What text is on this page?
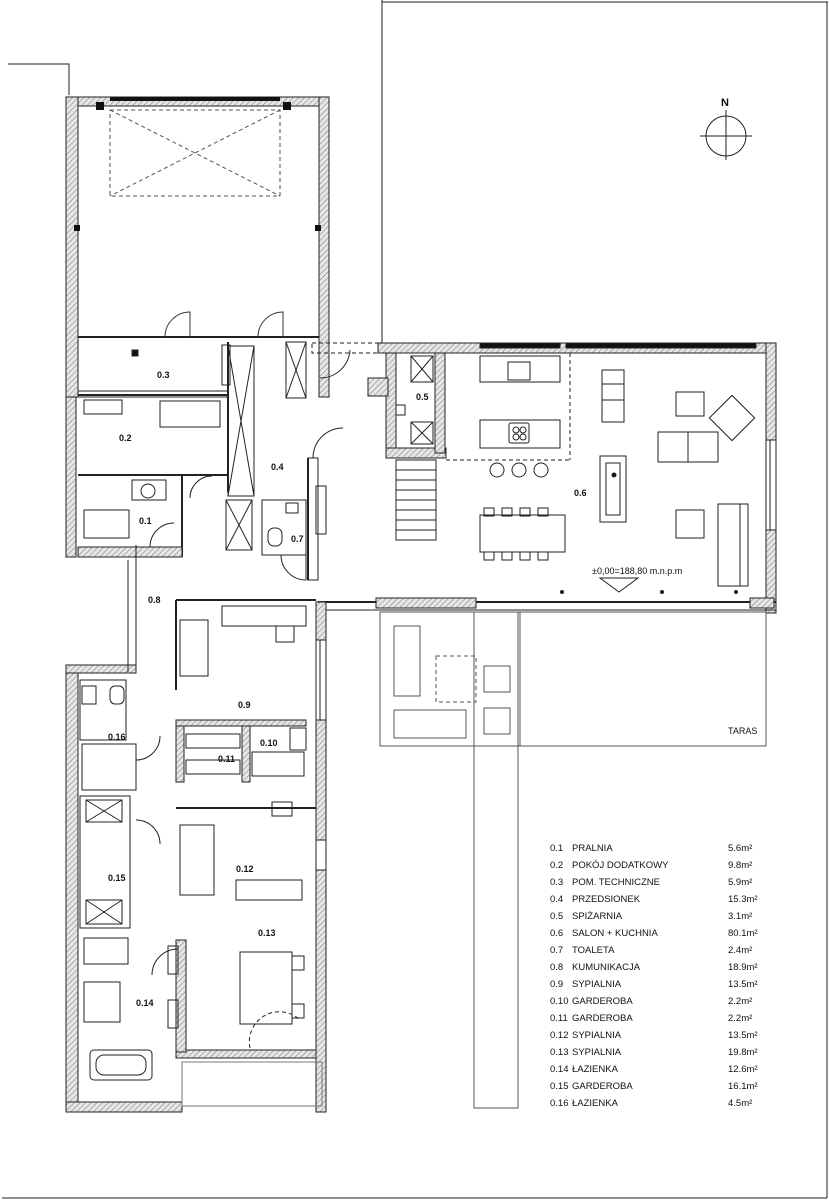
N
0.3
0.2
0.1
0.4
0.7
0.5
0.6
0.8
0.9
0.10
0.11
0.12
0.13
0.14
0.15
0.16
±0,00=188,80 m.n.p.m
TARAS
0.1 PRALNIA	5.6m²
0.2 POKÓJ DODATKOWY	9.8m²
0.3 POM. TECHNICZNE	5.9m²
0.4 PRZEDSIONEK	15.3m²
0.5 SPIŻARNIA	3.1m²
0.6 SALON + KUCHNIA	80.1m²
0.7 TOALETA	2.4m²
0.8 KUMUNIKACJA	18.9m²
0.9 SYPIALNIA	13.5m²
0.10 GARDEROBA	2.2m²
0.11 GARDEROBA	2.2m²
0.12 SYPIALNIA	13.5m²
0.13 SYPIALNIA	19.8m²
0.14 ŁAZIENKA	12.6m²
0.15 GARDEROBA	16.1m²
0.16 ŁAZIENKA	4.5m²
